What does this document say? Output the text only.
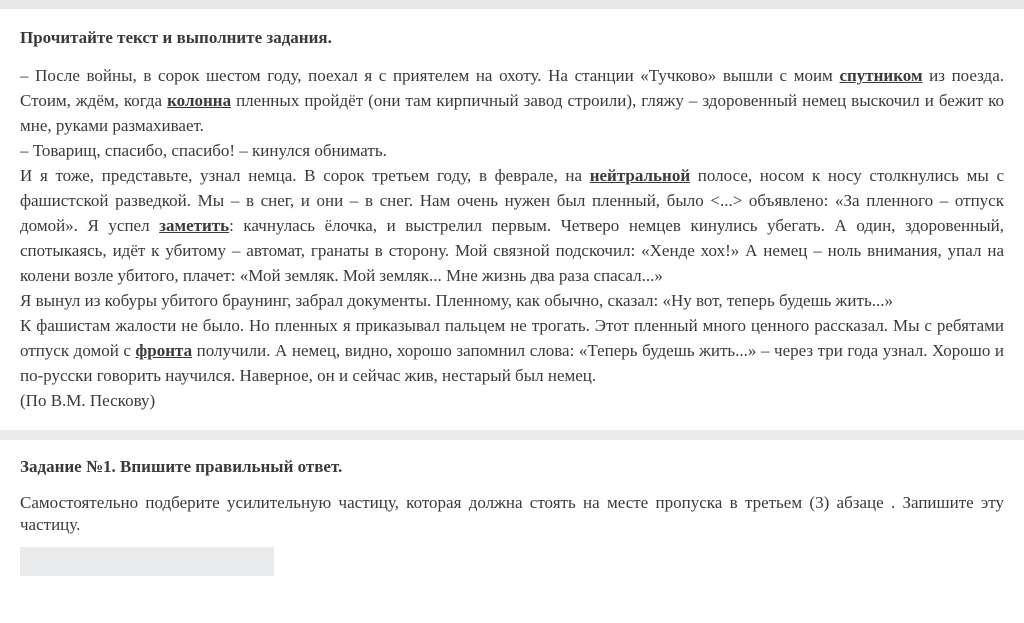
Прочитайте текст и выполните задания.

– После войны, в сорок шестом году, поехал я с приятелем на охоту. На станции «Тучково» вышли с моим спутником из поезда. Стоим, ждём, когда колонна пленных пройдёт (они там кирпичный завод строили), гляжу – здоровенный немец выскочил и бежит ко мне, руками размахивает.

– Товарищ, спасибо, спасибо! – кинулся обнимать.

И я тоже, представьте, узнал немца. В сорок третьем году, в феврале, на нейтральной полосе, носом к носу столкнулись мы с фашистской разведкой. Мы – в снег, и они – в снег. Нам очень нужен был пленный, было <...> объявлено: «За пленного – отпуск домой». Я успел заметить: качнулась ёлочка, и выстрелил первым. Четверо немцев кинулись убегать. А один, здоровенный, спотыкаясь, идёт к убитому – автомат, гранаты в сторону. Мой связной подскочил: «Хенде хох!» А немец – ноль внимания, упал на колени возле убитого, плачет: «Мой земляк. Мой земляк... Мне жизнь два раза спасал...»

Я вынул из кобуры убитого браунинг, забрал документы. Пленному, как обычно, сказал: «Ну вот, теперь будешь жить...»

К фашистам жалости не было. Но пленных я приказывал пальцем не трогать. Этот пленный много ценного рассказал. Мы с ребятами отпуск домой с фронта получили. А немец, видно, хорошо запомнил слова: «Теперь будешь жить...» – через три года узнал. Хорошо и по-русски говорить научился. Наверное, он и сейчас жив, нестарый был немец.

(По В.М. Пескову)

Задание №1. Впишите правильный ответ.

Самостоятельно подберите усилительную частицу, которая должна стоять на месте пропуска в третьем (3) абзаце . Запишите эту частицу.
